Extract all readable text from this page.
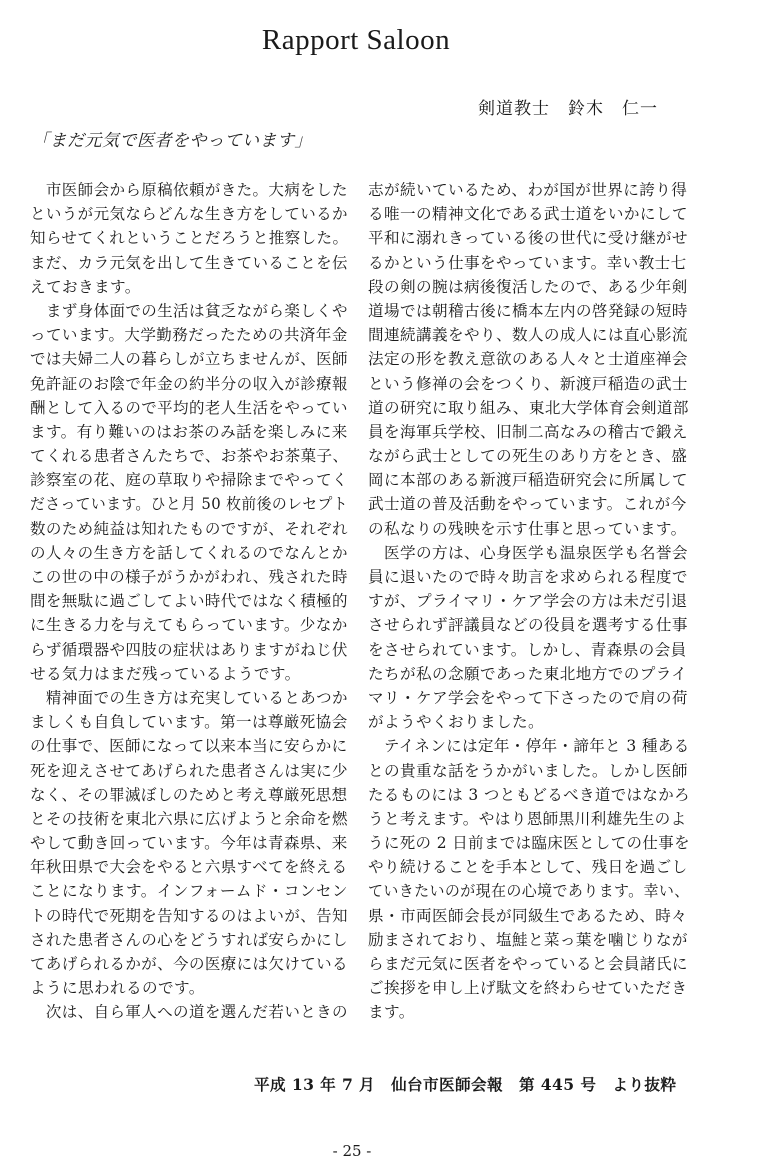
Rapport Saloon

剣道教士　鈴木　仁一

「まだ元気で医者をやっています」

　市医師会から原稿依頼がきた。大病をした
というが元気ならどんな生き方をしているか
知らせてくれということだろうと推察した。
まだ、カラ元気を出して生きていることを伝
えておきます。
　まず身体面での生活は貧乏ながら楽しくや
っています。大学勤務だったための共済年金
では夫婦二人の暮らしが立ちませんが、医師
免許証のお陰で年金の約半分の収入が診療報
酬として入るので平均的老人生活をやってい
ます。有り難いのはお茶のみ話を楽しみに来
てくれる患者さんたちで、お茶やお茶菓子、
診察室の花、庭の草取りや掃除までやってく
ださっています。ひと月 50 枚前後のレセプト
数のため純益は知れたものですが、それぞれ
の人々の生き方を話してくれるのでなんとか
この世の中の様子がうかがわれ、残された時
間を無駄に過ごしてよい時代ではなく積極的
に生きる力を与えてもらっています。少なか
らず循環器や四肢の症状はありますがねじ伏
せる気力はまだ残っているようです。
　精神面での生き方は充実しているとあつか
ましくも自負しています。第一は尊厳死協会
の仕事で、医師になって以来本当に安らかに
死を迎えさせてあげられた患者さんは実に少
なく、その罪滅ぼしのためと考え尊厳死思想
とその技術を東北六県に広げようと余命を燃
やして動き回っています。今年は青森県、来
年秋田県で大会をやると六県すべてを終える
ことになります。インフォームド・コンセン
トの時代で死期を告知するのはよいが、告知
された患者さんの心をどうすれば安らかにし
てあげられるかが、今の医療には欠けている
ように思われるのです。
　次は、自ら軍人への道を選んだ若いときの
志が続いているため、わが国が世界に誇り得
る唯一の精神文化である武士道をいかにして
平和に溺れきっている後の世代に受け継がせ
るかという仕事をやっています。幸い教士七
段の剣の腕は病後復活したので、ある少年剣
道場では朝稽古後に橋本左内の啓発録の短時
間連続講義をやり、数人の成人には直心影流
法定の形を教え意欲のある人々と士道座禅会
という修禅の会をつくり、新渡戸稲造の武士
道の研究に取り組み、東北大学体育会剣道部
員を海軍兵学校、旧制二高なみの稽古で鍛え
ながら武士としての死生のあり方をとき、盛
岡に本部のある新渡戸稲造研究会に所属して
武士道の普及活動をやっています。これが今
の私なりの残映を示す仕事と思っています。
　医学の方は、心身医学も温泉医学も名誉会
員に退いたので時々助言を求められる程度で
すが、プライマリ・ケア学会の方は未だ引退
させられず評議員などの役員を選考する仕事
をさせられています。しかし、青森県の会員
たちが私の念願であった東北地方でのプライ
マリ・ケア学会をやって下さったので肩の荷
がようやくおりました。
　テイネンには定年・停年・諦年と 3 種ある
との貴重な話をうかがいました。しかし医師
たるものには 3 つともどるべき道ではなかろ
うと考えます。やはり恩師黒川利雄先生のよ
うに死の 2 日前までは臨床医としての仕事を
やり続けることを手本として、残日を過ごし
ていきたいのが現在の心境であります。幸い、
県・市両医師会長が同級生であるため、時々
励まされており、塩鮭と菜っ葉を噛じりなが
らまだ元気に医者をやっていると会員諸氏に
ご挨拶を申し上げ駄文を終わらせていただき
ます。

平成 13 年 7 月　仙台市医師会報　第 445 号　より抜粋

- 25 -
